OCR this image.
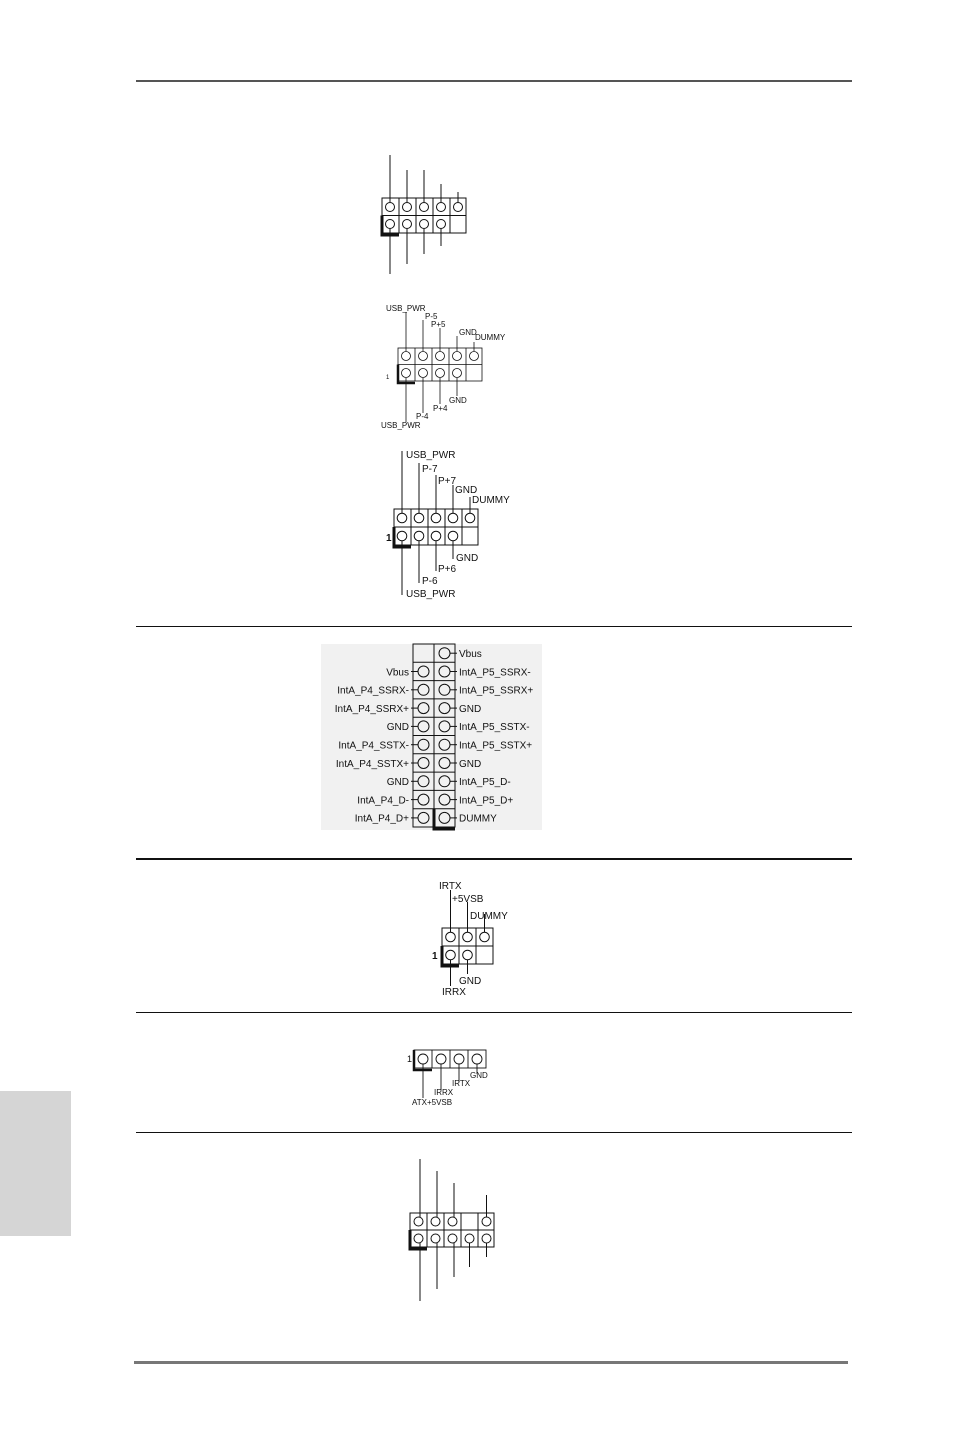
USB_PWR
P-5
P+5
GND
DUMMY
1
GND
P+4
P-4
USB_PWR
USB_PWR
P-7
P+7
GND
DUMMY
1
GND
P+6
P-6
USB_PWR
Vbus
IntA_P5_SSRX-
IntA_P5_SSRX+
GND
IntA_P5_SSTX-
IntA_P5_SSTX+
GND
IntA_P5_D-
IntA_P5_D+
DUMMY
Vbus
IntA_P4_SSRX-
IntA_P4_SSRX+
GND
IntA_P4_SSTX-
IntA_P4_SSTX+
GND
IntA_P4_D-
IntA_P4_D+
IRTX
+5VSB
DUMMY
1
GND
IRRX
1
GND
IRTX
IRRX
ATX+5VSB
